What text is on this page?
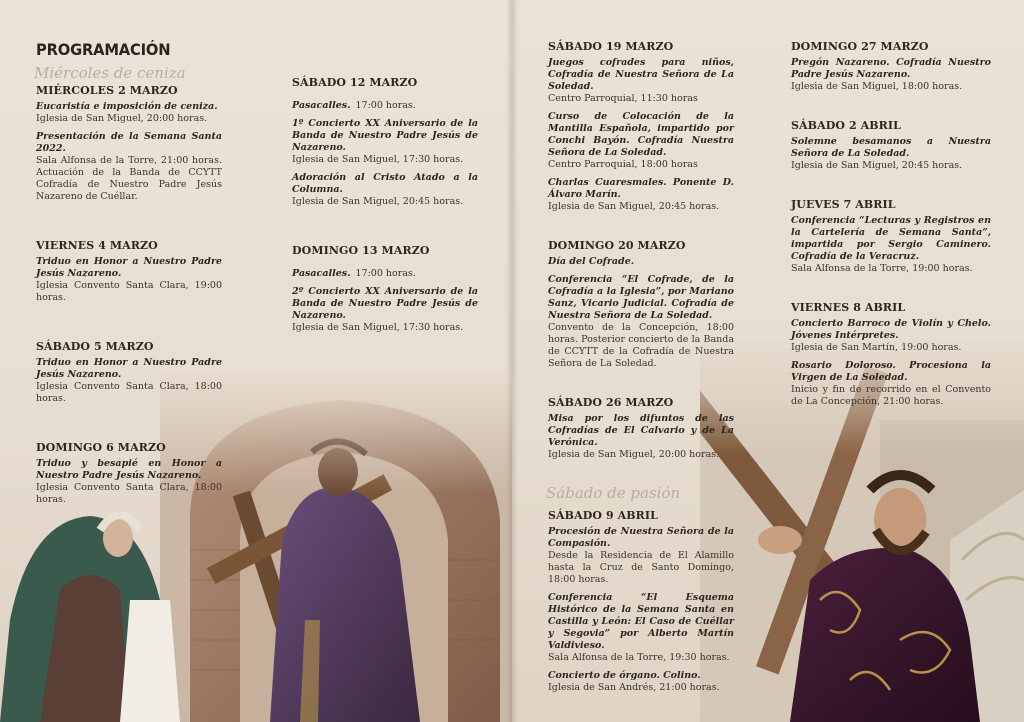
PROGRAMACIÓN
Miércoles de ceniza
MIÉRCOLES 2 MARZO
Eucaristía e imposición de ceniza.
Iglesia de San Miguel, 20:00 horas.
Presentación de la Semana Santa 2022.
Sala Alfonsa de la Torre, 21:00 horas. Actuación de la Banda de CCYTT Cofradía de Nuestro Padre Jesús Nazareno de Cuéllar.
VIERNES 4 MARZO
Triduo en Honor a Nuestro Padre Jesús Nazareno.
Iglesia Convento Santa Clara, 19:00 horas.
SÁBADO 5 MARZO
Triduo en Honor a Nuestro Padre Jesús Nazareno.
Iglesia Convento Santa Clara, 18:00 horas.
DOMINGO 6 MARZO
Triduo y besapié en Honor a Nuestro Padre Jesús Nazareno.
Iglesia Convento Santa Clara, 18:00 horas.
SÁBADO 12 MARZO
Pasacalles. 17:00 horas.
1º Concierto XX Aniversario de la Banda de Nuestro Padre Jesús de Nazareno.
Iglesia de San Miguel, 17:30 horas.
Adoración al Cristo Atado a la Columna.
Iglesia de San Miguel, 20:45 horas.
DOMINGO 13 MARZO
Pasacalles. 17:00 horas.
2º Concierto XX Aniversario de la Banda de Nuestro Padre Jesús de Nazareno.
Iglesia de San Miguel, 17:30 horas.
Sábado de pasión
SÁBADO 19 MARZO
Juegos cofrades para niños, Cofradía de Nuestra Señora de La Soledad.
Centro Parroquial, 11:30 horas
Curso de Colocación de la Mantilla Española, impartido por Conchi Bayón. Cofradía Nuestra Señora de La Soledad.
Centro Parroquial, 18:00 horas
Charlas Cuaresmales. Ponente D. Álvaro Marín.
Iglesia de San Miguel, 20:45 horas.
DOMINGO 20 MARZO
Día del Cofrade.
Conferencia “El Cofrade, de la Cofradía a la Iglesia”, por Mariano Sanz, Vicario Judicial. Cofradía de Nuestra Señora de La Soledad.
Convento de la Concepción, 18:00 horas. Posterior concierto de la Banda de CCYTT de la Cofradía de Nuestra Señora de La Soledad.
SÁBADO 26 MARZO
Misa por los difuntos de las Cofradías de El Calvario y de La Verónica.
Iglesia de San Miguel, 20:00 horas.
SÁBADO 9 ABRIL
Procesión de Nuestra Señora de la Compasión.
Desde la Residencia de El Alamillo hasta la Cruz de Santo Domingo, 18:00 horas.
Conferencia “El Esquema Histórico de la Semana Santa en Castilla y León: El Caso de Cuéllar y Segovia” por Alberto Martín Valdivieso.
Sala Alfonsa de la Torre, 19:30 horas.
Concierto de órgano. Colino.
Iglesia de San Andrés, 21:00 horas.
DOMINGO 27 MARZO
Pregón Nazareno. Cofradía Nuestro Padre Jesús Nazareno.
Iglesia de San Miguel, 18:00 horas.
SÁBADO 2 ABRIL
Solemne besamanos a Nuestra Señora de La Soledad.
Iglesia de San Miguel, 20:45 horas.
JUEVES 7 ABRIL
Conferencia “Lecturas y Registros en la Cartelería de Semana Santa”, impartida por Sergio Caminero. Cofradía de la Veracruz.
Sala Alfonsa de la Torre, 19:00 horas.
VIERNES 8 ABRIL
Concierto Barroco de Violín y Chelo. Jóvenes Intérpretes.
Iglesia de San Martín, 19:00 horas.
Rosario Doloroso. Procesiona la Virgen de La Soledad.
Inicio y fin de recorrido en el Convento de La Concepción, 21:00 horas.
